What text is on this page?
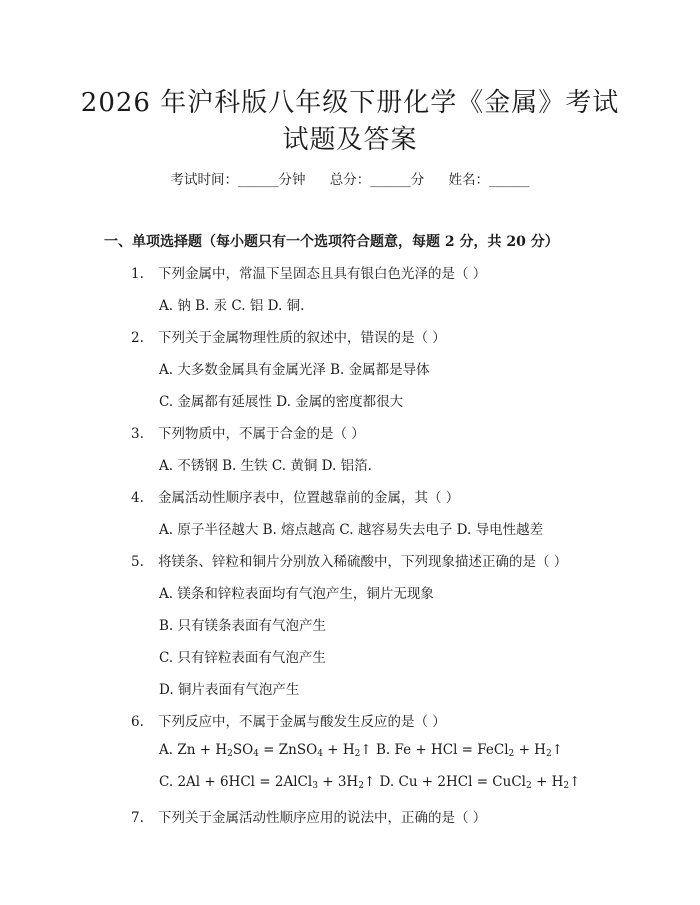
2026 年沪科版八年级下册化学《金属》考试
试题及答案
考试时间：______分钟 总分：______分 姓名：______
一、单项选择题（每小题只有一个选项符合题意，每题 2 分，共 20 分）
1. 下列金属中，常温下呈固态且具有银白色光泽的是（ ）
A. 钠 B. 汞 C. 铝 D. 铜.
2. 下列关于金属物理性质的叙述中，错误的是（ ）
A. 大多数金属具有金属光泽 B. 金属都是导体
C. 金属都有延展性 D. 金属的密度都很大
3. 下列物质中，不属于合金的是（ ）
A. 不锈钢 B. 生铁 C. 黄铜 D. 铝箔.
4. 金属活动性顺序表中，位置越靠前的金属，其（ ）
A. 原子半径越大 B. 熔点越高 C. 越容易失去电子 D. 导电性越差
5. 将镁条、锌粒和铜片分别放入稀硫酸中，下列现象描述正确的是（ ）
A. 镁条和锌粒表面均有气泡产生，铜片无现象
B. 只有镁条表面有气泡产生
C. 只有锌粒表面有气泡产生
D. 铜片表面有气泡产生
6. 下列反应中，不属于金属与酸发生反应的是（ ）
A. $Zn + H_2SO_4$ = ZnSO$_4$ + $H_2↑$ B. Fe + HCl = FeCl$_2$ + $H_2↑$
C. 2Al + 6HCl = 2AlCl$_3$ + $3H_2↑$ D. Cu + 2HCl = CuCl$_2$ + $H_2↑$
7. 下列关于金属活动性顺序应用的说法中，正确的是（ ）
